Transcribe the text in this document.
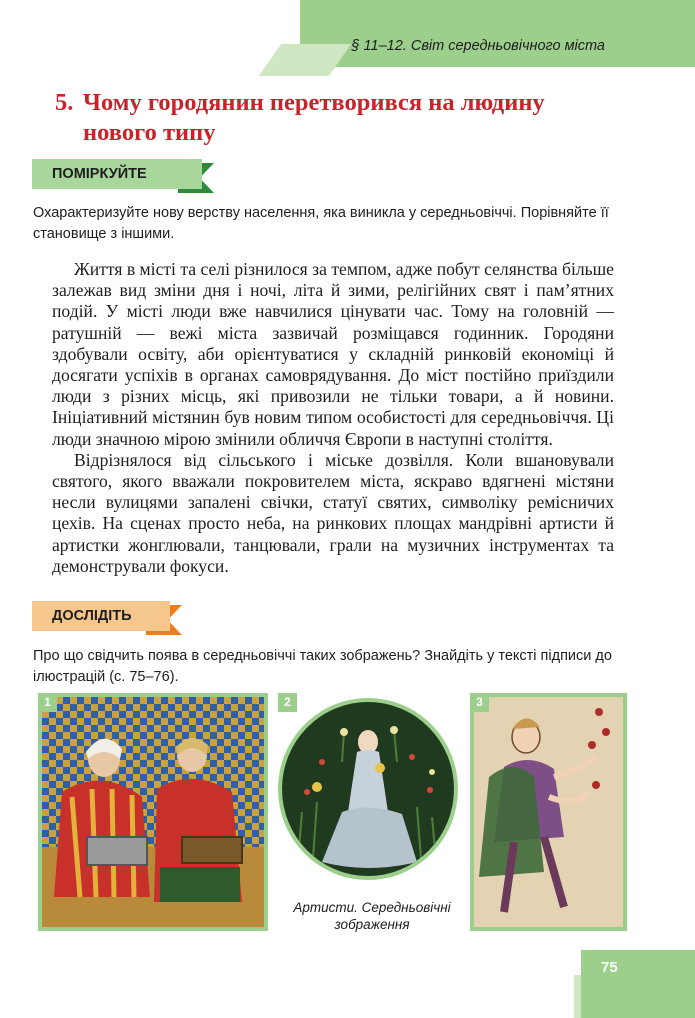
§ 11–12. Світ середньовічного міста
5. Чому городянин перетворився на людину
нового типу
ПОМІРКУЙТЕ
Охарактеризуйте нову верству населення, яка виникла у середньовіччі. Порівняйте її становище з іншими.

Життя в місті та селі різнилося за темпом, адже побут селянства більше залежав вид зміни дня і ночі, літа й зими, релігійних свят і пам’ятних подій. У місті люди вже навчилися цінувати час. Тому на головній — ратушній — вежі міста зазвичай розміщався годинник. Городяни здобували освіту, аби орієнтуватися у складній ринковій економіці й досягати успіхів в органах самоврядування. До міст постійно приїздили люди з різних місць, які привозили не тільки товари, а й новини. Ініціативний містянин був новим типом особистості для середньовіччя. Ці люди значною мірою змінили обличчя Європи в наступні століття.

Відрізнялося від сільського і міське дозвілля. Коли вшановували святого, якого вважали покровителем міста, яскраво вдягнені містяни несли вулицями запалені свічки, статуї святих, символіку ремісничих цехів. На сценах просто неба, на ринкових площах мандрівні артисти й артистки жонглювали, танцювали, грали на музичних інструментах та демонстрували фокуси.

ДОСЛІДІТЬ
Про що свідчить поява в середньовіччі таких зображень? Знайдіть у тексті підписи до ілюстрацій (с. 75–76).
1	2	3
Артисти. Середньовічні зображення
75
